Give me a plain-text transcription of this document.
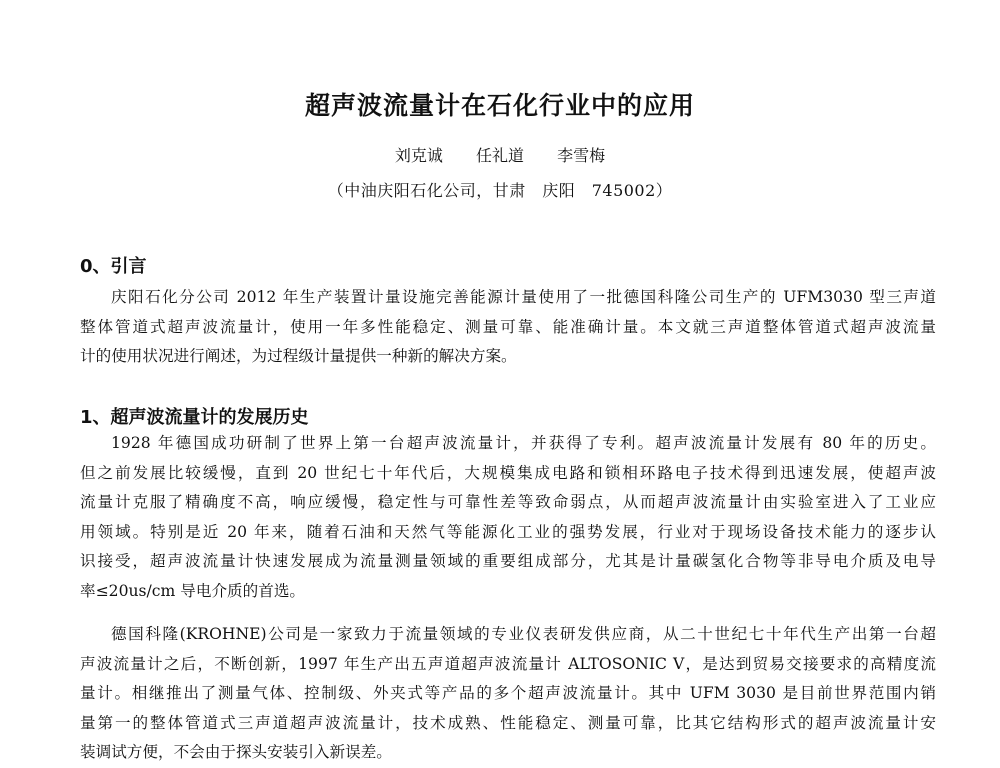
超声波流量计在石化行业中的应用
刘克诚 任礼道 李雪梅
（中油庆阳石化公司，甘肃　庆阳　745002）
0、引言
庆阳石化分公司 2012 年生产装置计量设施完善能源计量使用了一批德国科隆公司生产的 UFM3030 型三声道
整体管道式超声波流量计，使用一年多性能稳定、测量可靠、能准确计量。本文就三声道整体管道式超声波流量
计的使用状况进行阐述，为过程级计量提供一种新的解决方案。
1、超声波流量计的发展历史
1928 年德国成功研制了世界上第一台超声波流量计，并获得了专利。超声波流量计发展有 80 年的历史。
但之前发展比较缓慢，直到 20 世纪七十年代后，大规模集成电路和锁相环路电子技术得到迅速发展，使超声波
流量计克服了精确度不高，响应缓慢，稳定性与可靠性差等致命弱点，从而超声波流量计由实验室进入了工业应
用领域。特别是近 20 年来，随着石油和天然气等能源化工业的强势发展，行业对于现场设备技术能力的逐步认
识接受，超声波流量计快速发展成为流量测量领域的重要组成部分，尤其是计量碳氢化合物等非导电介质及电导
率≤20us/cm 导电介质的首选。
德国科隆(KROHNE)公司是一家致力于流量领域的专业仪表研发供应商，从二十世纪七十年代生产出第一台超
声波流量计之后，不断创新，1997 年生产出五声道超声波流量计 ALTOSONIC V，是达到贸易交接要求的高精度流
量计。相继推出了测量气体、控制级、外夹式等产品的多个超声波流量计。其中 UFM 3030 是目前世界范围内销
量第一的整体管道式三声道超声波流量计，技术成熟、性能稳定、测量可靠，比其它结构形式的超声波流量计安
装调试方便，不会由于探头安装引入新误差。
